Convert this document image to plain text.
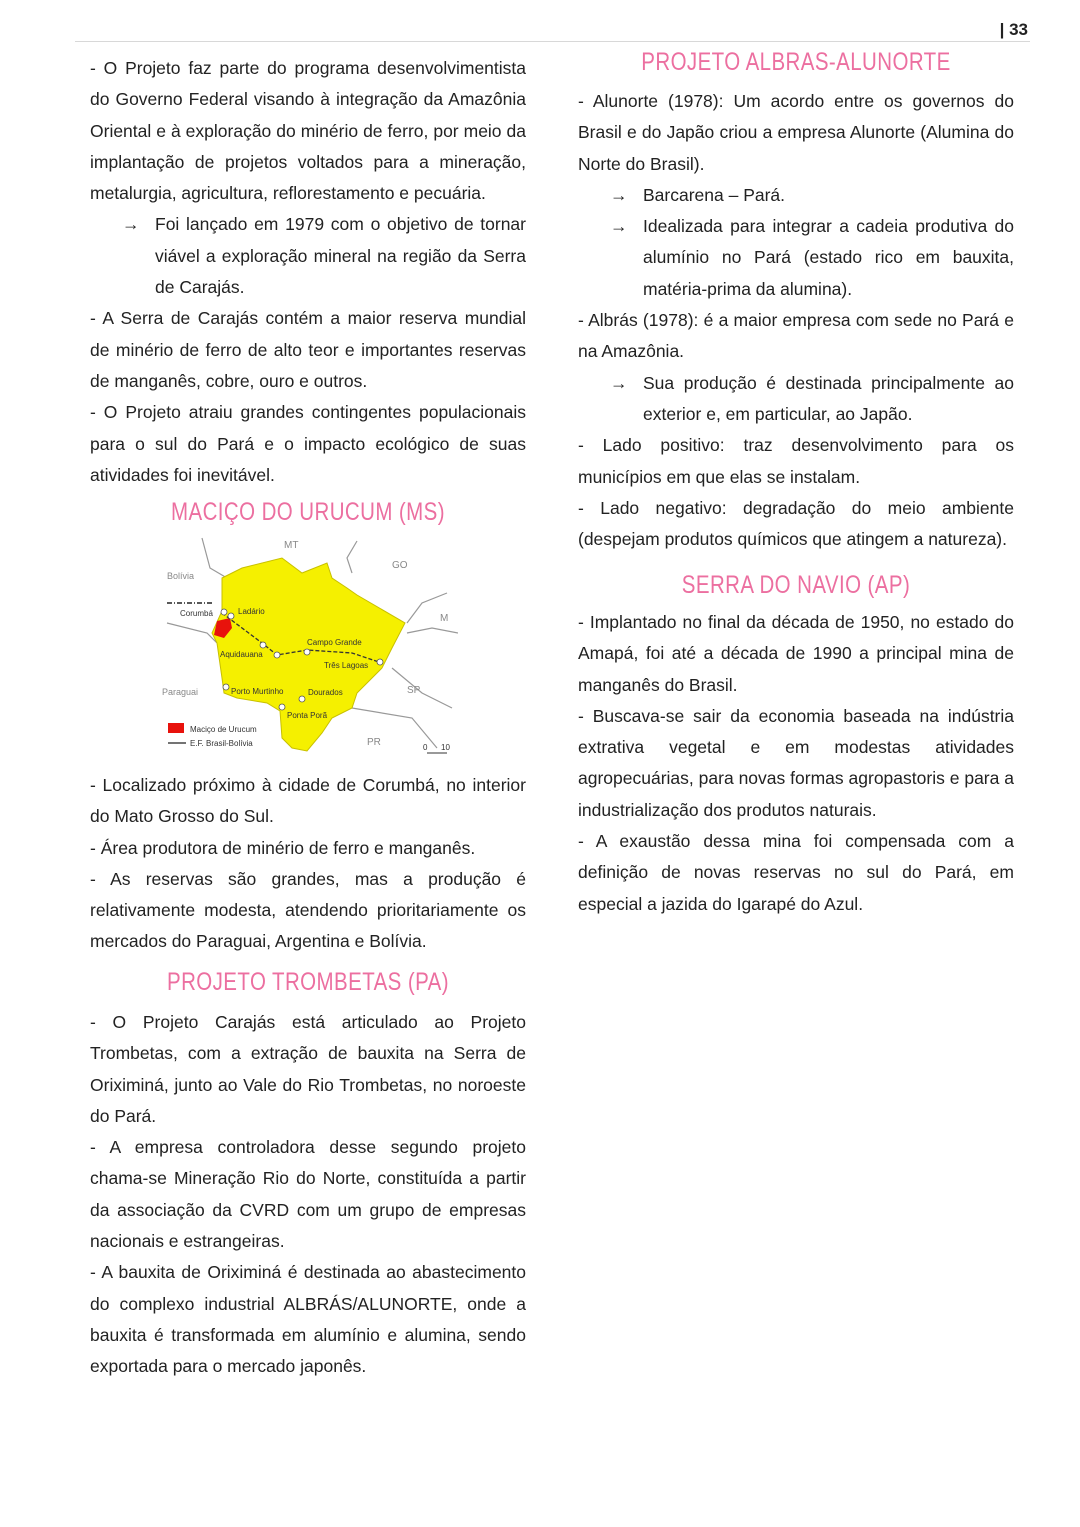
| 33

- O Projeto faz parte do programa desenvolvimentista do Governo Federal visando à integração da Amazônia Oriental e à exploração do minério de ferro, por meio da implantação de projetos voltados para a mineração, metalurgia, agricultura, reflorestamento e pecuária.

→ Foi lançado em 1979 com o objetivo de tornar viável a exploração mineral na região da Serra de Carajás.

- A Serra de Carajás contém a maior reserva mundial de minério de ferro de alto teor e importantes reservas de manganês, cobre, ouro e outros.

- O Projeto atraiu grandes contingentes populacionais para o sul do Pará e o impacto ecológico de suas atividades foi inevitável.

MACIÇO DO URUCUM (MS)
MT
GO
M
Bolívia
Paraguai	SP
PR
Corumbá	Ladário
Aquidauana
Campo Grande
Três Lagoas
Porto Murtinho	Dourados
Ponta Porã
Maciço de Urucum
E.F. Brasil-Bolívia	0 10

- Localizado próximo à cidade de Corumbá, no interior do Mato Grosso do Sul.

- Área produtora de minério de ferro e manganês.

- As reservas são grandes, mas a produção é relativamente modesta, atendendo prioritariamente os mercados do Paraguai, Argentina e Bolívia.

PROJETO TROMBETAS (PA)

- O Projeto Carajás está articulado ao Projeto Trombetas, com a extração de bauxita na Serra de Oriximiná, junto ao Vale do Rio Trombetas, no noroeste do Pará.

- A empresa controladora desse segundo projeto chama-se Mineração Rio do Norte, constituída a partir da associação da CVRD com um grupo de empresas nacionais e estrangeiras.

- A bauxita de Oriximiná é destinada ao abastecimento do complexo industrial ALBRÁS/ALUNORTE, onde a bauxita é transformada em alumínio e alumina, sendo exportada para o mercado japonês.

PROJETO ALBRAS-ALUNORTE

- Alunorte (1978): Um acordo entre os governos do Brasil e do Japão criou a empresa Alunorte (Alumina do Norte do Brasil).

→ Barcarena – Pará.

→ Idealizada para integrar a cadeia produtiva do alumínio no Pará (estado rico em bauxita, matéria-prima da alumina).

- Albrás (1978): é a maior empresa com sede no Pará e na Amazônia.

→ Sua produção é destinada principalmente ao exterior e, em particular, ao Japão.

- Lado positivo: traz desenvolvimento para os municípios em que elas se instalam.

- Lado negativo: degradação do meio ambiente (despejam produtos químicos que atingem a natureza).

SERRA DO NAVIO (AP)

- Implantado no final da década de 1950, no estado do Amapá, foi até a década de 1990 a principal mina de manganês do Brasil.

- Buscava-se sair da economia baseada na indústria extrativa vegetal e em modestas atividades agropecuárias, para novas formas agropastoris e para a industrialização dos produtos naturais.

- A exaustão dessa mina foi compensada com a definição de novas reservas no sul do Pará, em especial a jazida do Igarapé do Azul.
